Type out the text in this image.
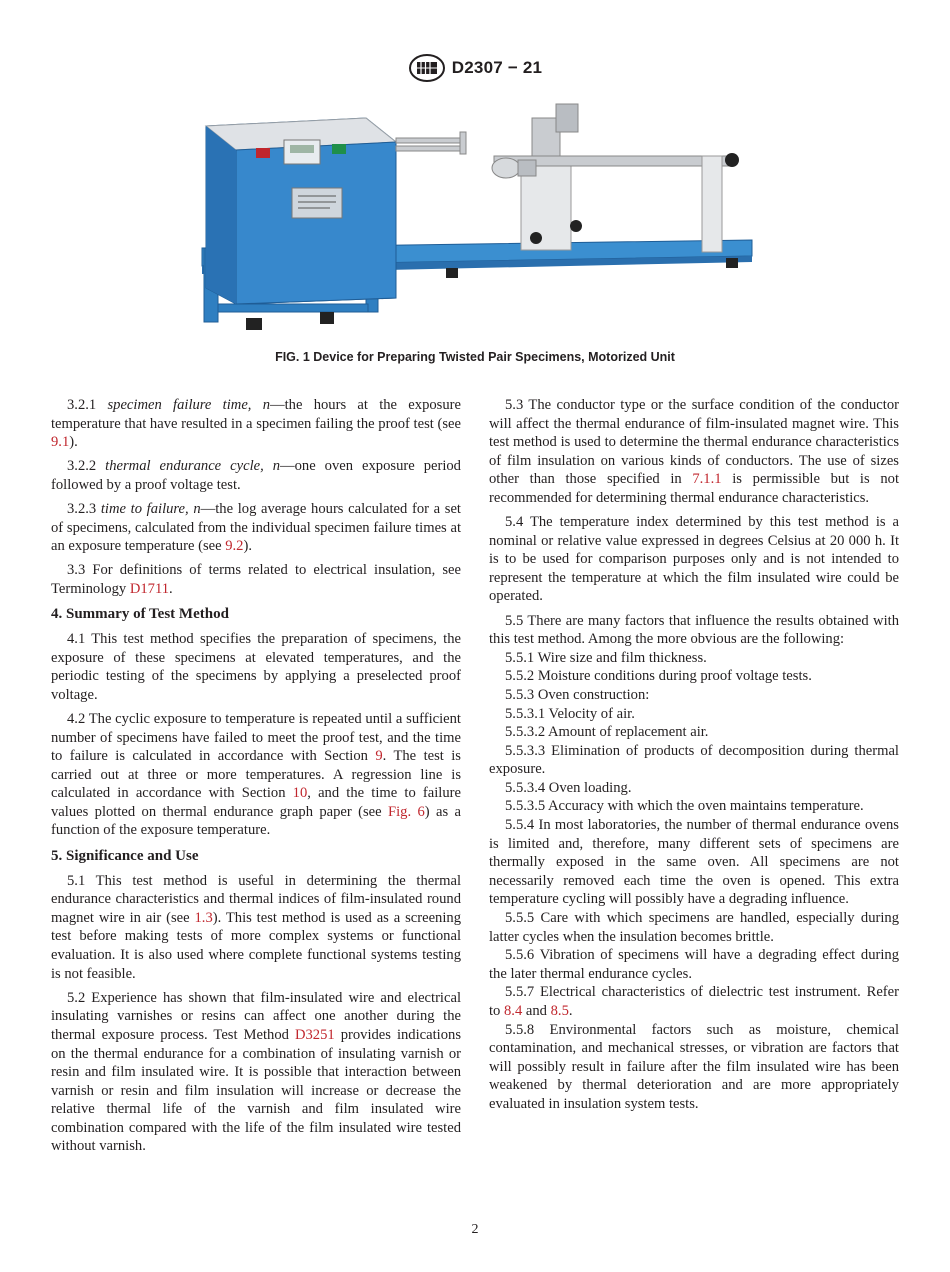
D2307 − 21
FIG. 1 Device for Preparing Twisted Pair Specimens, Motorized Unit

3.2.1 specimen failure time, n—the hours at the exposure temperature that have resulted in a specimen failing the proof test (see 9.1).

3.2.2 thermal endurance cycle, n—one oven exposure period followed by a proof voltage test.

3.2.3 time to failure, n—the log average hours calculated for a set of specimens, calculated from the individual specimen failure times at an exposure temperature (see 9.2).

3.3 For definitions of terms related to electrical insulation, see Terminology D1711.

4. Summary of Test Method

4.1 This test method specifies the preparation of specimens, the exposure of these specimens at elevated temperatures, and the periodic testing of the specimens by applying a preselected proof voltage.

4.2 The cyclic exposure to temperature is repeated until a sufficient number of specimens have failed to meet the proof test, and the time to failure is calculated in accordance with Section 9. The test is carried out at three or more temperatures. A regression line is calculated in accordance with Section 10, and the time to failure values plotted on thermal endurance graph paper (see Fig. 6) as a function of the exposure temperature.

5. Significance and Use

5.1 This test method is useful in determining the thermal endurance characteristics and thermal indices of film-insulated round magnet wire in air (see 1.3). This test method is used as a screening test before making tests of more complex systems or functional evaluation. It is also used where complete functional systems testing is not feasible.

5.2 Experience has shown that film-insulated wire and electrical insulating varnishes or resins can affect one another during the thermal exposure process. Test Method D3251 provides indications on the thermal endurance for a combination of insulating varnish or resin and film insulated wire. It is possible that interaction between varnish or resin and film insulation will increase or decrease the relative thermal life of the varnish and film insulated wire combination compared with the life of the film insulated wire tested without varnish.

5.3 The conductor type or the surface condition of the conductor will affect the thermal endurance of film-insulated magnet wire. This test method is used to determine the thermal endurance characteristics of film insulation on various kinds of conductors. The use of sizes other than those specified in 7.1.1 is permissible but is not recommended for determining thermal endurance characteristics.

5.4 The temperature index determined by this test method is a nominal or relative value expressed in degrees Celsius at 20 000 h. It is to be used for comparison purposes only and is not intended to represent the temperature at which the film insulated wire could be operated.

5.5 There are many factors that influence the results obtained with this test method. Among the more obvious are the following:

5.5.1 Wire size and film thickness.

5.5.2 Moisture conditions during proof voltage tests.

5.5.3 Oven construction:

5.5.3.1 Velocity of air.

5.5.3.2 Amount of replacement air.

5.5.3.3 Elimination of products of decomposition during thermal exposure.

5.5.3.4 Oven loading.

5.5.3.5 Accuracy with which the oven maintains temperature.

5.5.4 In most laboratories, the number of thermal endurance ovens is limited and, therefore, many different sets of specimens are thermally exposed in the same oven. All specimens are not necessarily removed each time the oven is opened. This extra temperature cycling will possibly have a degrading influence.

5.5.5 Care with which specimens are handled, especially during latter cycles when the insulation becomes brittle.

5.5.6 Vibration of specimens will have a degrading effect during the later thermal endurance cycles.

5.5.7 Electrical characteristics of dielectric test instrument. Refer to 8.4 and 8.5.

5.5.8 Environmental factors such as moisture, chemical contamination, and mechanical stresses, or vibration are factors that will possibly result in failure after the film insulated wire has been weakened by thermal deterioration and are more appropriately evaluated in insulation system tests.

2
